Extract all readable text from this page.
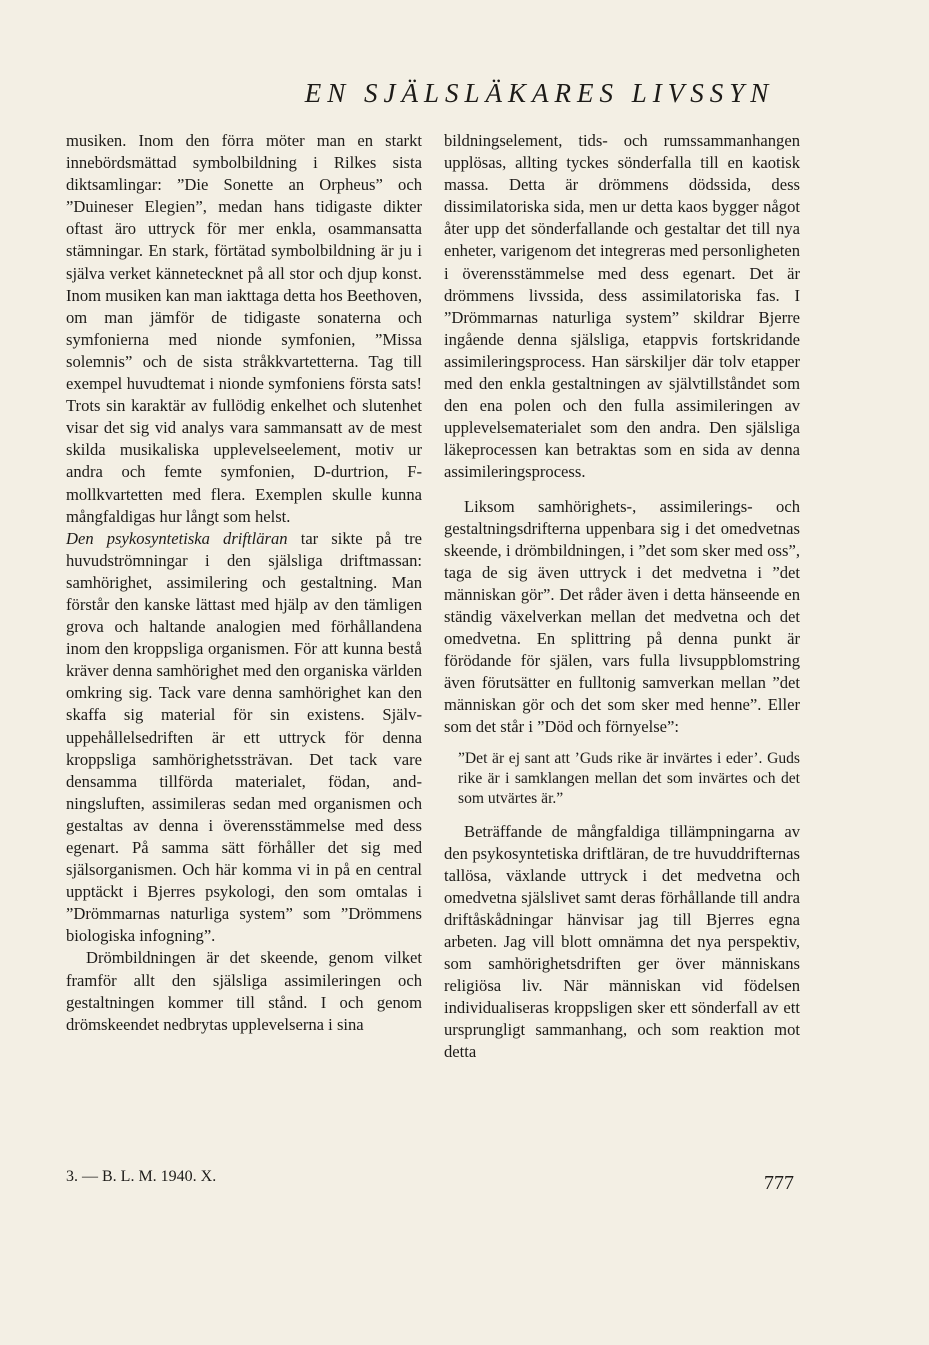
EN SJÄLSLÄKARES LIVSSYN

musiken. Inom den förra möter man en starkt innebördsmättad symbolbildning i Rilkes sista diktsamlingar: ”Die Sonette an Orpheus” och ”Duineser Elegien”, medan hans tidigaste dikter oftast äro uttryck för mer enkla, osammansatta stämningar. En stark, förtätad symbolbildning är ju i själva verket kännetecknet på all stor och djup konst. Inom musiken kan man iakttaga detta hos Beethoven, om man jämför de tidigaste sonaterna och symfonierna med nionde symfonien, ”Missa solemnis” och de sista stråkkvartetterna. Tag till exempel huvudtemat i nionde symfoniens första sats! Trots sin karaktär av fullödig enkelhet och slutenhet visar det sig vid analys vara sammansatt av de mest skilda musikaliska upplevelseelement, motiv ur andra och femte symfonien, D-durtrion, F-mollkvartetten med flera. Exemplen skulle kunna mångfaldigas hur långt som helst.

Den psykosyntetiska driftläran tar sikte på tre huvudströmningar i den själsliga driftmassan: samhörighet, assimilering och gestaltning. Man förstår den kanske lättast med hjälp av den tämligen grova och haltande analogien med förhållandena inom den kroppsliga organismen. För att kunna bestå kräver denna samhörighet med den organiska världen omkring sig. Tack vare denna samhörighet kan den skaffa sig material för sin existens. Självuppehållelsedriften är ett uttryck för denna kroppsliga samhörighetssträvan. Det tack vare densamma tillförda materialet, födan, andningsluften, assimileras sedan med organismen och gestaltas av denna i överensstämmelse med dess egenart. På samma sätt förhåller det sig med själsorganismen. Och här komma vi in på en central upptäckt i Bjerres psykologi, den som omtalas i ”Drömmarnas naturliga system” som ”Drömmens biologiska infogning”.

Drömbildningen är det skeende, genom vilket framför allt den själsliga assimileringen och gestaltningen kommer till stånd. I och genom drömskeendet nedbrytas upplevelserna i sina

bildningselement, tids- och rumssammanhangen upplösas, allting tyckes sönderfalla till en kaotisk massa. Detta är drömmens dödssida, dess dissimilatoriska sida, men ur detta kaos bygger något åter upp det sönderfallande och gestaltar det till nya enheter, varigenom det integreras med personligheten i överensstämmelse med dess egenart. Det är drömmens livssida, dess assimilatoriska fas. I ”Drömmarnas naturliga system” skildrar Bjerre ingående denna själsliga, etappvis fortskridande assimileringsprocess. Han särskiljer där tolv etapper med den enkla gestaltningen av självtillståndet som den ena polen och den fulla assimileringen av upplevelsematerialet som den andra. Den själsliga läkeprocessen kan betraktas som en sida av denna assimileringsprocess.

Liksom samhörighets-, assimilerings- och gestaltningsdrifterna uppenbara sig i det omedvetnas skeende, i drömbildningen, i ”det som sker med oss”, taga de sig även uttryck i det medvetna i ”det människan gör”. Det råder även i detta hänseende en ständig växelverkan mellan det medvetna och det omedvetna. En splittring på denna punkt är förödande för själen, vars fulla livsuppblomstring även förutsätter en fulltonig samverkan mellan ”det människan gör och det som sker med henne”. Eller som det står i ”Död och förnyelse”:

”Det är ej sant att ’Guds rike är invärtes i eder’. Guds rike är i samklangen mellan det som invärtes och det som utvärtes är.”

Beträffande de mångfaldiga tillämpningarna av den psykosyntetiska driftläran, de tre huvuddrifternas tallösa, växlande uttryck i det medvetna och omedvetna själslivet samt deras förhållande till andra driftåskådningar hänvisar jag till Bjerres egna arbeten. Jag vill blott omnämna det nya perspektiv, som samhörighetsdriften ger över människans religiösa liv. När människan vid födelsen individualiseras kroppsligen sker ett sönderfall av ett ursprungligt sammanhang, och som reaktion mot detta

3. — B. L. M. 1940. X.	777
